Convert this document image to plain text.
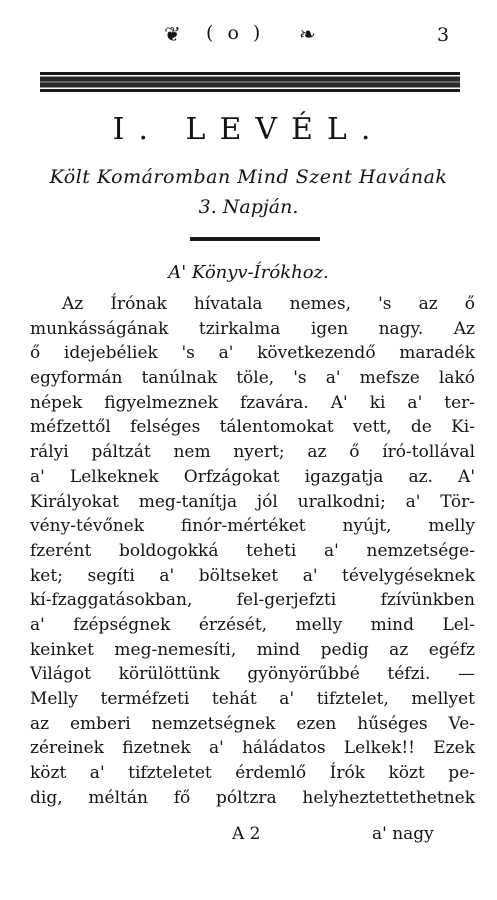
❦ ( o ) ❧	3
I. LEVÉL.
Költ Komáromban Mind Szent Havának
3. Napján.
A' Könyv-Írókhoz.
Az Írónak hívatala nemes, 's az ő
munkásságának tzirkalma igen nagy. Az
ő idejebéliek 's a' következendő maradék
egyformán tanúlnak töle, 's a' mefsze lakó
népek figyelmeznek fzavára. A' ki a' ter-
méfzettől felséges tálentomokat vett, de Ki-
rályi páltzát nem nyert; az ő író-tollával
a' Lelkeknek Orfzágokat igazgatja az. A'
Királyokat meg-tanítja jól uralkodni; a' Tör-
vény-tévőnek finór-mértéket nyújt, melly
fzerént boldogokká teheti a' nemzetsége-
ket; segíti a' böltseket a' tévelygéseknek
kí-fzaggatásokban, fel-gerjefzti fzívünkben
a' fzépségnek érzését, melly mind Lel-
keinket meg-nemesíti, mind pedig az egéfz
Világot körülöttünk gyönyörűbbé téfzi. —
Melly terméfzeti tehát a' tifztelet, mellyet
az emberi nemzetségnek ezen hűséges Ve-
zéreinek fizetnek a' háládatos Lelkek!! Ezek
közt a' tifzteletet érdemlő Írók közt pe-
dig, méltán fő póltzra helyheztettethetnek
A 2	a' nagy
